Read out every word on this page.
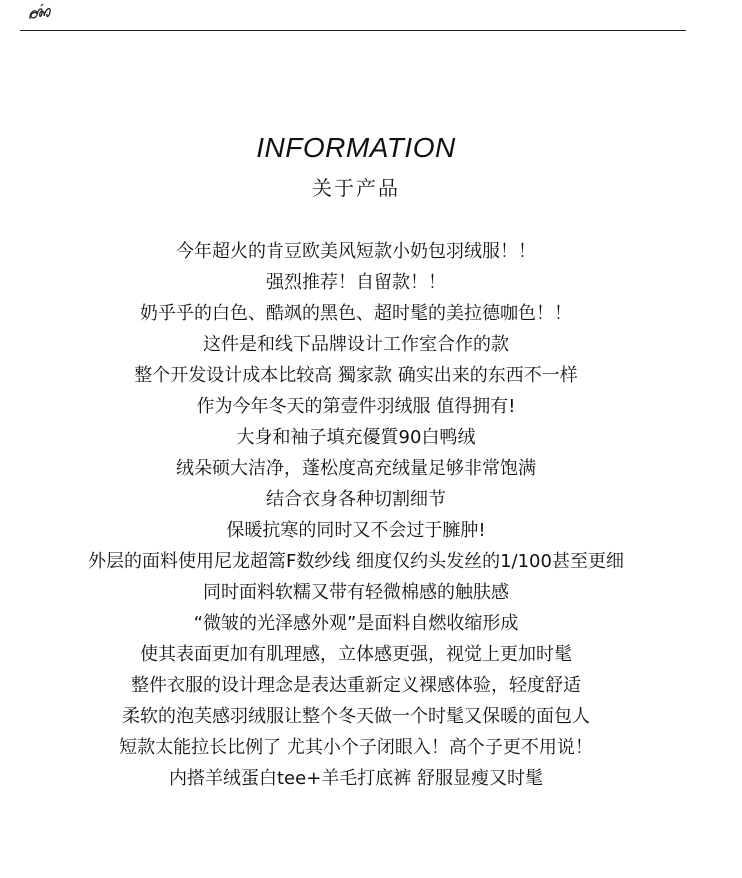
INFORMATION
关于产品
今年超火的肯豆欧美风短款小奶包羽绒服！！
强烈推荐！自留款！！
奶乎乎的白色、酷飒的黑色、超时髦的美拉德咖色！！
这件是和线下品牌设计工作室合作的款
整个开发设计成本比较高 獨家款 确实出来的东西不一样
作为今年冬天的第壹件羽绒服 值得拥有!
大身和袖子填充優質90白鸭绒
绒朵硕大洁净，蓬松度高充绒量足够非常饱满
结合衣身各种切割细节
保暖抗寒的同时又不会过于臃肿!
外层的面料使用尼龙超篙F数纱线 细度仅约头发丝的1/100甚至更细
同时面料软糯又带有轻微棉感的触肤感
“微皱的光泽感外观”是面料自燃收缩形成
使其表面更加有肌理感，立体感更强，视觉上更加时髦
整件衣服的设计理念是表达重新定义裸感体验，轻度舒适
柔软的泡芙感羽绒服让整个冬天做一个时髦又保暖的面包人
短款太能拉长比例了 尤其小个子闭眼入！高个子更不用说！
内搭羊绒蛋白tee+羊毛打底裤 舒服显瘦又时髦
